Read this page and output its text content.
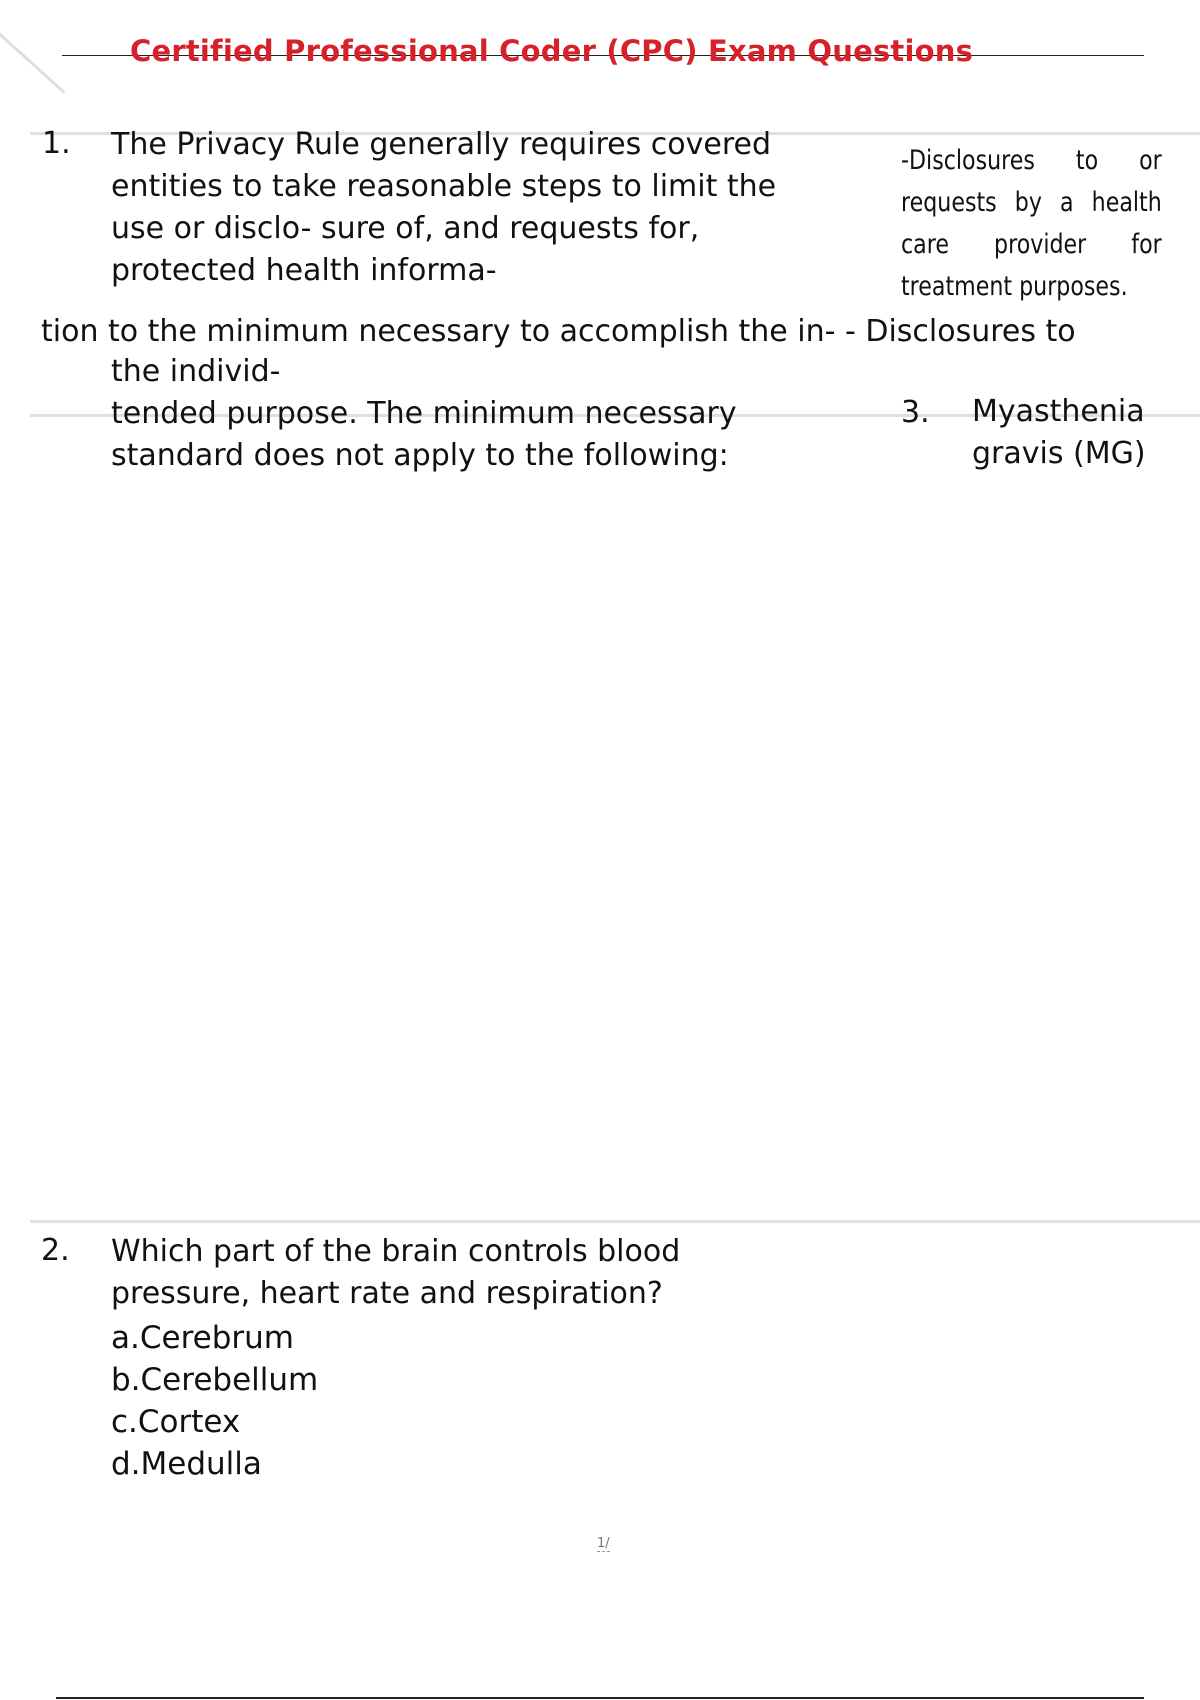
Certified Professional Coder (CPC) Exam Questions
1. The Privacy Rule generally requires covered
entities to take reasonable steps to limit the
use or disclo- sure of, and requests for,
protected health informa-
-Disclosures to or
requests by a health
care provider for
treatment purposes.
tion to the minimum necessary to accomplish the in- - Disclosures to
the individ-
tended purpose. The minimum necessary
standard does not apply to the following:
3. Myasthenia
gravis (MG)
2. Which part of the brain controls blood
pressure, heart rate and respiration?
a.Cerebrum
b.Cerebellum
c.Cortex
d.Medulla
1/
